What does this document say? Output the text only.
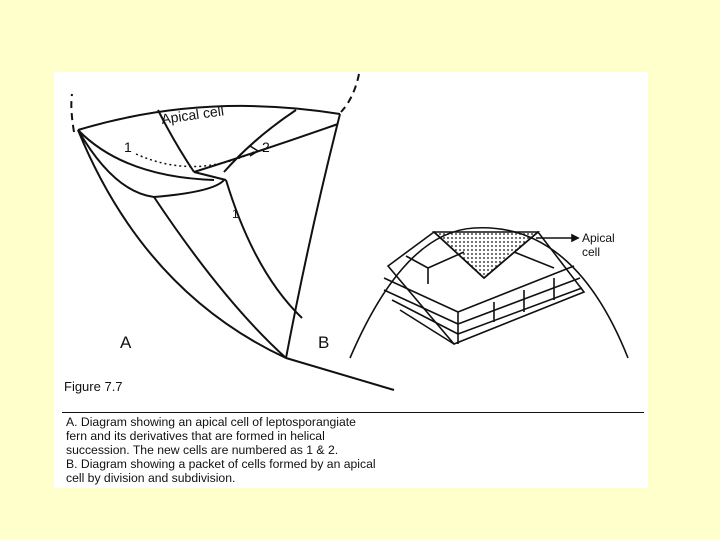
Apical cell
1	2
1
A	B
Apical
cell

Figure 7.7

A. Diagram showing an apical cell of leptosporangiate
fern and its derivatives that are formed in helical
succession. The new cells are numbered as 1 & 2.
B. Diagram showing a packet of cells formed by an apical
cell by division and subdivision.
